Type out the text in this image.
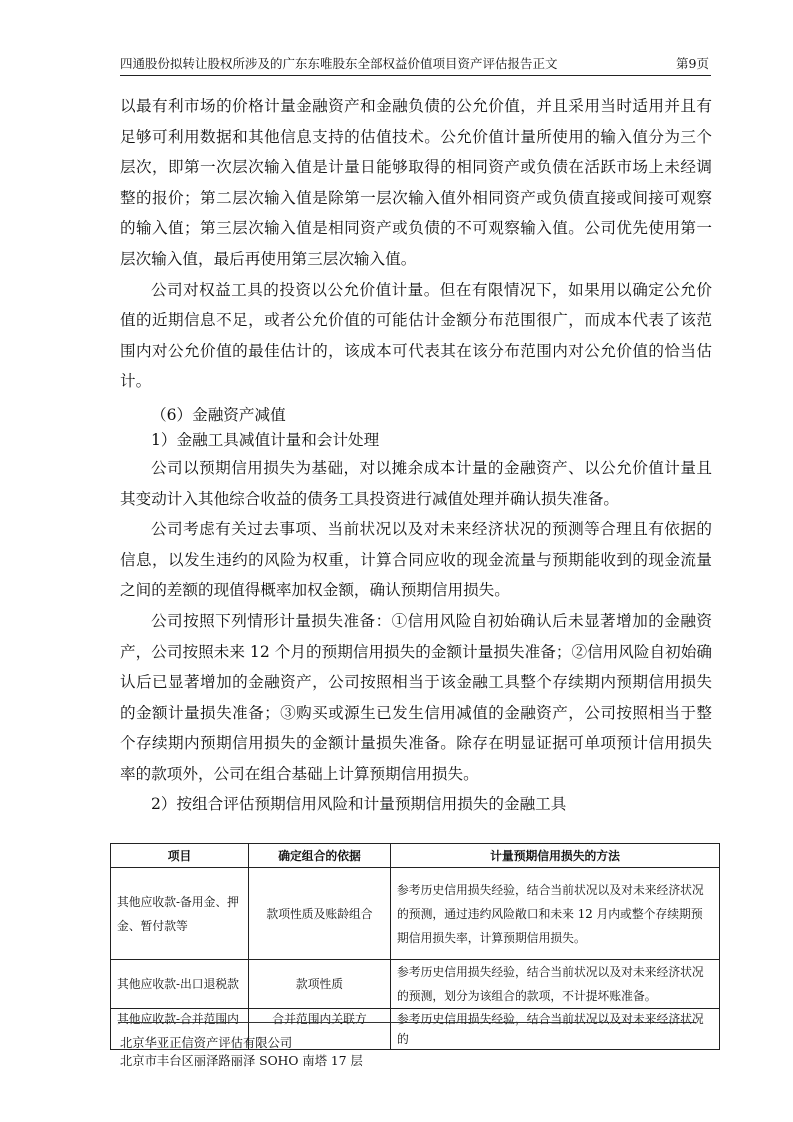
四通股份拟转让股权所涉及的广东东唯股东全部权益价值项目资产评估报告正文	第9页

以最有利市场的价格计量金融资产和金融负债的公允价值，并且采用当时适用并且有足够可利用数据和其他信息支持的估值技术。公允价值计量所使用的输入值分为三个层次，即第一次层次输入值是计量日能够取得的相同资产或负债在活跃市场上未经调整的报价；第二层次输入值是除第一层次输入值外相同资产或负债直接或间接可观察的输入值；第三层次输入值是相同资产或负债的不可观察输入值。公司优先使用第一层次输入值，最后再使用第三层次输入值。

公司对权益工具的投资以公允价值计量。但在有限情况下，如果用以确定公允价值的近期信息不足，或者公允价值的可能估计金额分布范围很广，而成本代表了该范围内对公允价值的最佳估计的，该成本可代表其在该分布范围内对公允价值的恰当估计。

（6）金融资产减值

1）金融工具减值计量和会计处理

公司以预期信用损失为基础，对以摊余成本计量的金融资产、以公允价值计量且其变动计入其他综合收益的债务工具投资进行减值处理并确认损失准备。

公司考虑有关过去事项、当前状况以及对未来经济状况的预测等合理且有依据的信息，以发生违约的风险为权重，计算合同应收的现金流量与预期能收到的现金流量之间的差额的现值得概率加权金额，确认预期信用损失。

公司按照下列情形计量损失准备：①信用风险自初始确认后未显著增加的金融资产，公司按照未来 12 个月的预期信用损失的金额计量损失准备；②信用风险自初始确认后已显著增加的金融资产，公司按照相当于该金融工具整个存续期内预期信用损失的金额计量损失准备；③购买或源生已发生信用减值的金融资产，公司按照相当于整个存续期内预期信用损失的金额计量损失准备。除存在明显证据可单项预计信用损失率的款项外，公司在组合基础上计算预期信用损失。

2）按组合评估预期信用风险和计量预期信用损失的金融工具

项目	确定组合的依据	计量预期信用损失的方法
其他应收款-备用金、押金、暂付款等	款项性质及账龄组合	参考历史信用损失经验，结合当前状况以及对未来经济状况的预测，通过违约风险敞口和未来 12 月内或整个存续期预期信用损失率，计算预期信用损失。
其他应收款-出口退税款	款项性质	参考历史信用损失经验，结合当前状况以及对未来经济状况的预测，划分为该组合的款项，不计提坏账准备。
其他应收款-合并范围内	合并范围内关联方	参考历史信用损失经验，结合当前状况以及对未来经济状况的
北京华亚正信资产评估有限公司
北京市丰台区丽泽路丽泽 SOHO 南塔 17 层
